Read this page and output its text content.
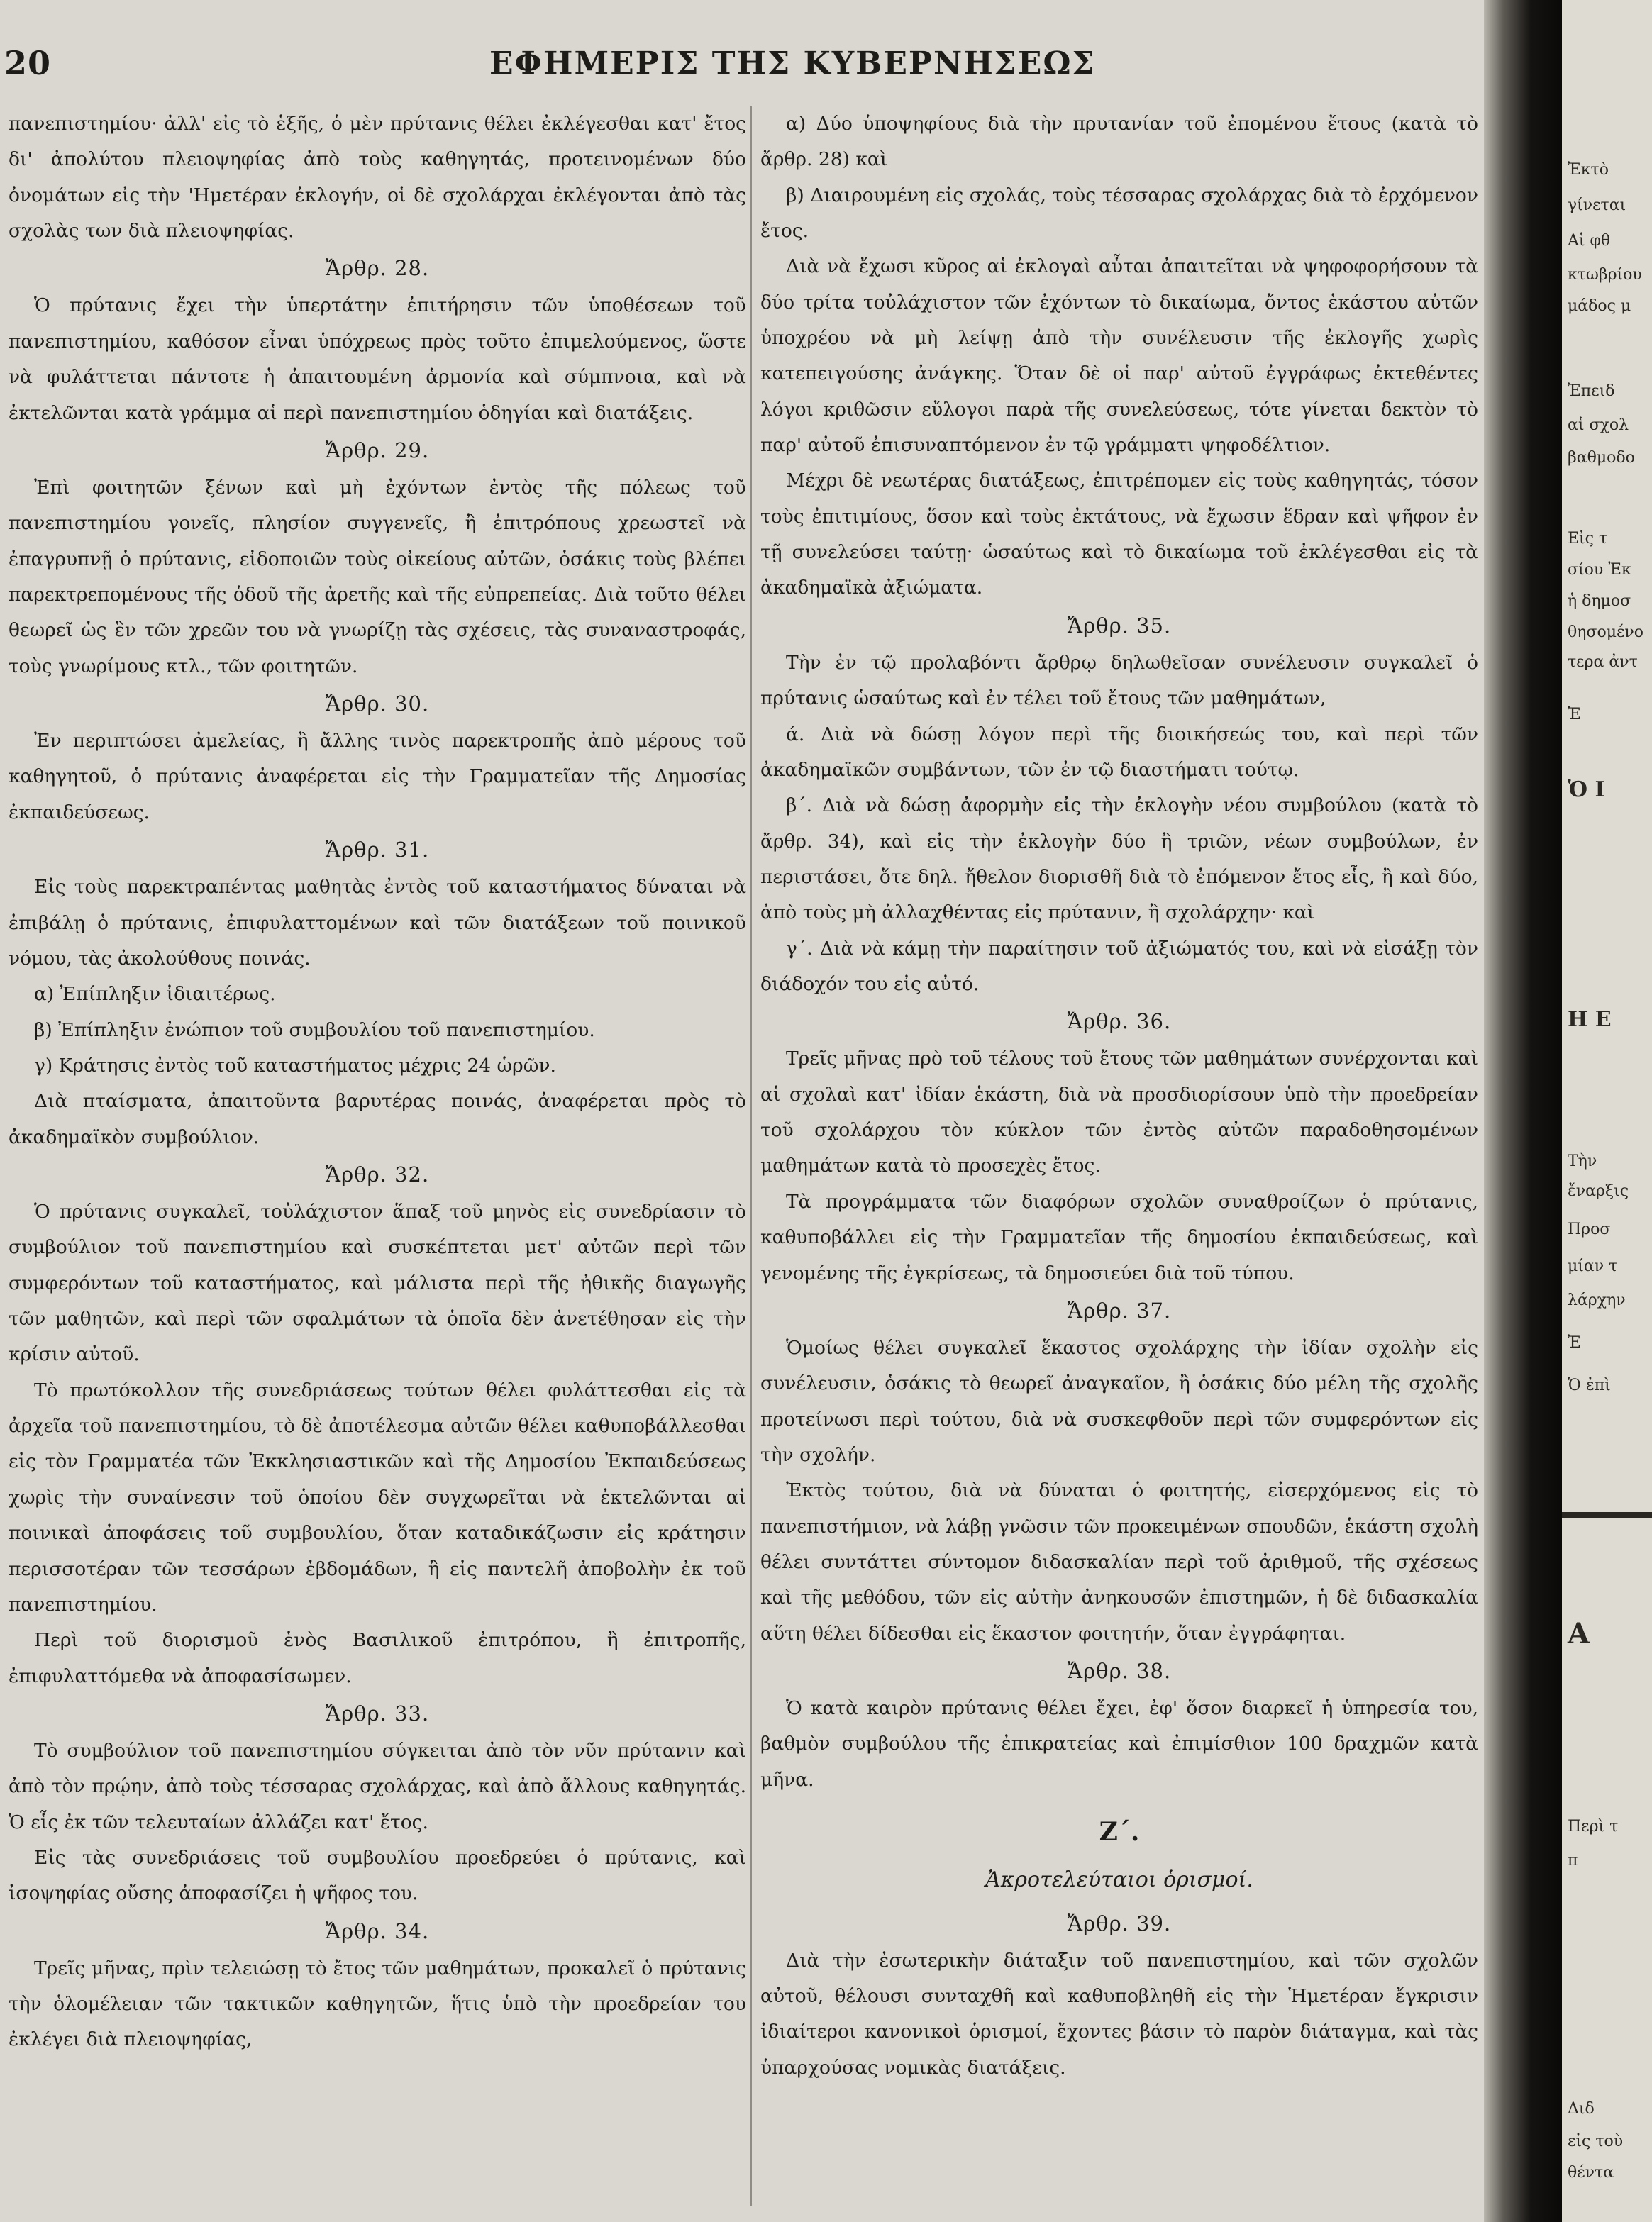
20	ΕΦΗΜΕΡΙΣ ΤΗΣ ΚΥΒΕΡΝΗΣΕΩΣ

πανεπιστημίου· ἀλλ' εἰς τὸ ἑξῆς, ὁ μὲν πρύτανις θέλει ἐκλέγεσθαι κατ' ἔτος δι' ἀπολύτου πλειοψηφίας ἀπὸ τοὺς καθηγητάς, προτεινομένων δύο ὀνομάτων εἰς τὴν 'Ημετέραν ἐκλογήν, οἱ δὲ σχολάρχαι ἐκλέγονται ἀπὸ τὰς σχολὰς των διὰ πλειοψηφίας.

Ἄρθρ. 28.

Ὁ πρύτανις ἔχει τὴν ὑπερτάτην ἐπιτήρησιν τῶν ὑποθέσεων τοῦ πανεπιστημίου, καθόσον εἶναι ὑπόχρεως πρὸς τοῦτο ἐπιμελούμενος, ὥστε νὰ φυλάττεται πάντοτε ἡ ἀπαιτουμένη ἁρμονία καὶ σύμπνοια, καὶ νὰ ἐκτελῶνται κατὰ γράμμα αἱ περὶ πανεπιστημίου ὁδηγίαι καὶ διατάξεις.

Ἄρθρ. 29.

Ἐπὶ φοιτητῶν ξένων καὶ μὴ ἐχόντων ἐντὸς τῆς πόλεως τοῦ πανεπιστημίου γονεῖς, πλησίον συγγενεῖς, ἢ ἐπιτρόπους χρεωστεῖ νὰ ἐπαγρυπνῇ ὁ πρύτανις, εἰδοποιῶν τοὺς οἰκείους αὐτῶν, ὁσάκις τοὺς βλέπει παρεκτρεπομένους τῆς ὁδοῦ τῆς ἀρετῆς καὶ τῆς εὐπρεπείας. Διὰ τοῦτο θέλει θεωρεῖ ὡς ἓν τῶν χρεῶν του νὰ γνωρίζῃ τὰς σχέσεις, τὰς συναναστροφάς, τοὺς γνωρίμους κτλ., τῶν φοιτητῶν.

Ἄρθρ. 30.

Ἐν περιπτώσει ἀμελείας, ἢ ἄλλης τινὸς παρεκτροπῆς ἀπὸ μέρους τοῦ καθηγητοῦ, ὁ πρύτανις ἀναφέρεται εἰς τὴν Γραμματεῖαν τῆς Δημοσίας ἐκπαιδεύσεως.

Ἄρθρ. 31.

Εἰς τοὺς παρεκτραπέντας μαθητὰς ἐντὸς τοῦ καταστήματος δύναται νὰ ἐπιβάλῃ ὁ πρύτανις, ἐπιφυλαττομένων καὶ τῶν διατάξεων τοῦ ποινικοῦ νόμου, τὰς ἀκολούθους ποινάς.

α) Ἐπίπληξιν ἰδιαιτέρως.

β) Ἐπίπληξιν ἐνώπιον τοῦ συμβουλίου τοῦ πανεπιστημίου.

γ) Κράτησις ἐντὸς τοῦ καταστήματος μέχρις 24 ὡρῶν.

Διὰ πταίσματα, ἀπαιτοῦντα βαρυτέρας ποινάς, ἀναφέρεται πρὸς τὸ ἀκαδημαϊκὸν συμβούλιον.

Ἄρθρ. 32.

Ὁ πρύτανις συγκαλεῖ, τοὐλάχιστον ἅπαξ τοῦ μηνὸς εἰς συνεδρίασιν τὸ συμβούλιον τοῦ πανεπιστημίου καὶ συσκέπτεται μετ' αὐτῶν περὶ τῶν συμφερόντων τοῦ καταστήματος, καὶ μάλιστα περὶ τῆς ἠθικῆς διαγωγῆς τῶν μαθητῶν, καὶ περὶ τῶν σφαλμάτων τὰ ὁποῖα δὲν ἀνετέθησαν εἰς τὴν κρίσιν αὐτοῦ.

Τὸ πρωτόκολλον τῆς συνεδριάσεως τούτων θέλει φυλάττεσθαι εἰς τὰ ἀρχεῖα τοῦ πανεπιστημίου, τὸ δὲ ἀποτέλεσμα αὐτῶν θέλει καθυποβάλλεσθαι εἰς τὸν Γραμματέα τῶν Ἐκκλησιαστικῶν καὶ τῆς Δημοσίου Ἐκπαιδεύσεως χωρὶς τὴν συναίνεσιν τοῦ ὁποίου δὲν συγχωρεῖται νὰ ἐκτελῶνται αἱ ποινικαὶ ἀποφάσεις τοῦ συμβουλίου, ὅταν καταδικάζωσιν εἰς κράτησιν περισσοτέραν τῶν τεσσάρων ἑβδομάδων, ἢ εἰς παντελῆ ἀποβολὴν ἐκ τοῦ πανεπιστημίου.

Περὶ τοῦ διορισμοῦ ἑνὸς Βασιλικοῦ ἐπιτρόπου, ἢ ἐπιτροπῆς, ἐπιφυλαττόμεθα νὰ ἀποφασίσωμεν.

Ἄρθρ. 33.

Τὸ συμβούλιον τοῦ πανεπιστημίου σύγκειται ἀπὸ τὸν νῦν πρύτανιν καὶ ἀπὸ τὸν πρῴην, ἀπὸ τοὺς τέσσαρας σχολάρχας, καὶ ἀπὸ ἄλλους καθηγητάς. Ὁ εἷς ἐκ τῶν τελευταίων ἀλλάζει κατ' ἔτος.

Εἰς τὰς συνεδριάσεις τοῦ συμβουλίου προεδρεύει ὁ πρύτανις, καὶ ἰσοψηφίας οὔσης ἀποφασίζει ἡ ψῆφος του.

Ἄρθρ. 34.

Τρεῖς μῆνας, πρὶν τελειώσῃ τὸ ἔτος τῶν μαθημάτων, προκαλεῖ ὁ πρύτανις τὴν ὁλομέλειαν τῶν τακτικῶν καθηγητῶν, ἥτις ὑπὸ τὴν προεδρείαν του ἐκλέγει διὰ πλειοψηφίας,

α) Δύο ὑποψηφίους διὰ τὴν πρυτανίαν τοῦ ἐπομένου ἔτους (κατὰ τὸ ἄρθρ. 28) καὶ

β) Διαιρουμένη εἰς σχολάς, τοὺς τέσσαρας σχολάρχας διὰ τὸ ἐρχόμενον ἔτος.

Διὰ νὰ ἔχωσι κῦρος αἱ ἐκλογαὶ αὗται ἀπαιτεῖται νὰ ψηφοφορήσουν τὰ δύο τρίτα τοὐλάχιστον τῶν ἐχόντων τὸ δικαίωμα, ὄντος ἑκάστου αὐτῶν ὑποχρέου νὰ μὴ λείψῃ ἀπὸ τὴν συνέλευσιν τῆς ἐκλογῆς χωρὶς κατεπειγούσης ἀνάγκης. Ὅταν δὲ οἱ παρ' αὐτοῦ ἐγγράφως ἐκτεθέντες λόγοι κριθῶσιν εὔλογοι παρὰ τῆς συνελεύσεως, τότε γίνεται δεκτὸν τὸ παρ' αὐτοῦ ἐπισυναπτόμενον ἐν τῷ γράμματι ψηφοδέλτιον.

Μέχρι δὲ νεωτέρας διατάξεως, ἐπιτρέπομεν εἰς τοὺς καθηγητάς, τόσον τοὺς ἐπιτιμίους, ὅσον καὶ τοὺς ἐκτάτους, νὰ ἔχωσιν ἕδραν καὶ ψῆφον ἐν τῇ συνελεύσει ταύτῃ· ὡσαύτως καὶ τὸ δικαίωμα τοῦ ἐκλέγεσθαι εἰς τὰ ἀκαδημαϊκὰ ἀξιώματα.

Ἄρθρ. 35.

Τὴν ἐν τῷ προλαβόντι ἄρθρῳ δηλωθεῖσαν συνέλευσιν συγκαλεῖ ὁ πρύτανις ὡσαύτως καὶ ἐν τέλει τοῦ ἔτους τῶν μαθημάτων,

ά. Διὰ νὰ δώσῃ λόγον περὶ τῆς διοικήσεώς του, καὶ περὶ τῶν ἀκαδημαϊκῶν συμβάντων, τῶν ἐν τῷ διαστήματι τούτῳ.

β΄. Διὰ νὰ δώσῃ ἀφορμὴν εἰς τὴν ἐκλογὴν νέου συμβούλου (κατὰ τὸ ἄρθρ. 34), καὶ εἰς τὴν ἐκλογὴν δύο ἢ τριῶν, νέων συμβούλων, ἐν περιστάσει, ὅτε δηλ. ἤθελον διορισθῆ διὰ τὸ ἐπόμενον ἔτος εἷς, ἢ καὶ δύο, ἀπὸ τοὺς μὴ ἀλλαχθέντας εἰς πρύτανιν, ἢ σχολάρχην· καὶ

γ΄. Διὰ νὰ κάμῃ τὴν παραίτησιν τοῦ ἀξιώματός του, καὶ νὰ εἰσάξῃ τὸν διάδοχόν του εἰς αὐτό.

Ἄρθρ. 36.

Τρεῖς μῆνας πρὸ τοῦ τέλους τοῦ ἔτους τῶν μαθημάτων συνέρχονται καὶ αἱ σχολαὶ κατ' ἰδίαν ἑκάστη, διὰ νὰ προσδιορίσουν ὑπὸ τὴν προεδρείαν τοῦ σχολάρχου τὸν κύκλον τῶν ἐντὸς αὐτῶν παραδοθησομένων μαθημάτων κατὰ τὸ προσεχὲς ἔτος.

Τὰ προγράμματα τῶν διαφόρων σχολῶν συναθροίζων ὁ πρύτανις, καθυποβάλλει εἰς τὴν Γραμματεῖαν τῆς δημοσίου ἐκπαιδεύσεως, καὶ γενομένης τῆς ἐγκρίσεως, τὰ δημοσιεύει διὰ τοῦ τύπου.

Ἄρθρ. 37.

Ὁμοίως θέλει συγκαλεῖ ἕκαστος σχολάρχης τὴν ἰδίαν σχολὴν εἰς συνέλευσιν, ὁσάκις τὸ θεωρεῖ ἀναγκαῖον, ἢ ὁσάκις δύο μέλη τῆς σχολῆς προτείνωσι περὶ τούτου, διὰ νὰ συσκεφθοῦν περὶ τῶν συμφερόντων εἰς τὴν σχολήν.

Ἐκτὸς τούτου, διὰ νὰ δύναται ὁ φοιτητής, εἰσερχόμενος εἰς τὸ πανεπιστήμιον, νὰ λάβῃ γνῶσιν τῶν προκειμένων σπουδῶν, ἑκάστη σχολὴ θέλει συντάττει σύντομον διδασκαλίαν περὶ τοῦ ἀριθμοῦ, τῆς σχέσεως καὶ τῆς μεθόδου, τῶν εἰς αὐτὴν ἀνηκουσῶν ἐπιστημῶν, ἡ δὲ διδασκαλία αὕτη θέλει δίδεσθαι εἰς ἕκαστον φοιτητήν, ὅταν ἐγγράφηται.

Ἄρθρ. 38.

Ὁ κατὰ καιρὸν πρύτανις θέλει ἔχει, ἐφ' ὅσον διαρκεῖ ἡ ὑπηρεσία του, βαθμὸν συμβούλου τῆς ἐπικρατείας καὶ ἐπιμίσθιον 100 δραχμῶν κατὰ μῆνα.

Ζ΄.

Ἀκροτελεύταιοι ὁρισμοί.

Ἄρθρ. 39.

Διὰ τὴν ἐσωτερικὴν διάταξιν τοῦ πανεπιστημίου, καὶ τῶν σχολῶν αὐτοῦ, θέλουσι συνταχθῆ καὶ καθυποβληθῆ εἰς τὴν Ἡμετέραν ἔγκρισιν ἰδιαίτεροι κανονικοὶ ὁρισμοί, ἔχοντες βάσιν τὸ παρὸν διάταγμα, καὶ τὰς ὑπαρχούσας νομικὰς διατάξεις.

Ἐκτὸ
γίνεται
Αἱ φθ
κτωβρίου
μάδος μ
Ἐπειδ
αἱ σχολ
βαθμοδο
Εἰς τ
σίου Ἐκ
ἡ δημοσ
θησομένο
τερα ἀντ
Ἐ
Ὁ Ι
Η Ε
Τὴν
ἔναρξις
Προσ
μίαν τ
λάρχην
Ἐ
Ὁ ἐπὶ
Α
Περὶ τ
π
Διδ
εἰς τοὺ
θέντα
